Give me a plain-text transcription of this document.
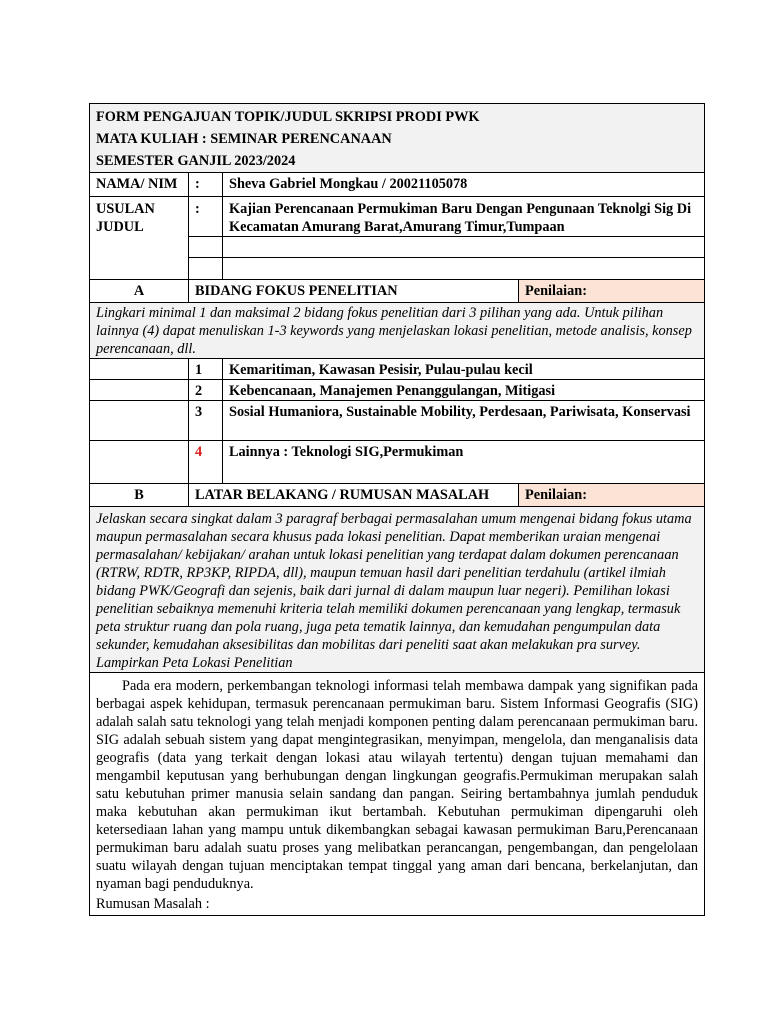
FORM PENGAJUAN TOPIK/JUDUL SKRIPSI PRODI PWK
MATA KULIAH : SEMINAR PERENCANAAN
SEMESTER GANJIL 2023/2024			

NAMA/ NIM	:	Sheva Gabriel Mongkau / 20021105078	
USULAN JUDUL	:	Kajian Perencanaan Permukiman Baru Dengan Pengunaan Teknolgi Sig Di Kecamatan Amurang Barat,Amurang Timur,Tumpaan	

A	BIDANG FOKUS PENELITIAN		Penilaian:
Lingkari minimal 1 dan maksimal 2 bidang fokus penelitian dari 3 pilihan yang ada. Untuk pilihan lainnya (4) dapat menuliskan 1-3 keywords yang menjelaskan lokasi penelitian, metode analisis, konsep perencanaan, dll.			
	1	Kemaritiman, Kawasan Pesisir, Pulau-pulau kecil	
	2	Kebencanaan, Manajemen Penanggulangan, Mitigasi	
	3	Sosial Humaniora, Sustainable Mobility, Perdesaan, Pariwisata, Konservasi	
	4	Lainnya : Teknologi SIG,Permukiman	
B	LATAR BELAKANG / RUMUSAN MASALAH		Penilaian:
Jelaskan secara singkat dalam 3 paragraf berbagai permasalahan umum mengenai bidang fokus utama maupun permasalahan secara khusus pada lokasi penelitian. Dapat memberikan uraian mengenai permasalahan/ kebijakan/ arahan untuk lokasi penelitian yang terdapat dalam dokumen perencanaan (RTRW, RDTR, RP3KP, RIPDA, dll), maupun temuan hasil dari penelitian terdahulu (artikel ilmiah bidang PWK/Geografi dan sejenis, baik dari jurnal di dalam maupun luar negeri). Pemilihan lokasi penelitian sebaiknya memenuhi kriteria telah memiliki dokumen perencanaan yang lengkap, termasuk peta struktur ruang dan pola ruang, juga peta tematik lainnya, dan kemudahan pengumpulan data sekunder, kemudahan aksesibilitas dan mobilitas dari peneliti saat akan melakukan pra survey. Lampirkan Peta Lokasi Penelitian			

Pada era modern, perkembangan teknologi informasi telah membawa dampak yang signifikan pada berbagai aspek kehidupan, termasuk perencanaan permukiman baru. Sistem Informasi Geografis (SIG) adalah salah satu teknologi yang telah menjadi komponen penting dalam perencanaan permukiman baru. SIG adalah sebuah sistem yang dapat mengintegrasikan, menyimpan, mengelola, dan menganalisis data geografis (data yang terkait dengan lokasi atau wilayah tertentu) dengan tujuan memahami dan mengambil keputusan yang berhubungan dengan lingkungan geografis.Permukiman merupakan salah satu kebutuhan primer manusia selain sandang dan pangan. Seiring bertambahnya jumlah penduduk maka kebutuhan akan permukiman ikut bertambah. Kebutuhan permukiman dipengaruhi oleh ketersediaan lahan yang mampu untuk dikembangkan sebagai kawasan permukiman Baru,Perencanaan permukiman baru adalah suatu proses yang melibatkan perancangan, pengembangan, dan pengelolaan suatu wilayah dengan tujuan menciptakan tempat tinggal yang aman dari bencana, berkelanjutan, dan nyaman bagi penduduknya.
Rumusan Masalah :			
